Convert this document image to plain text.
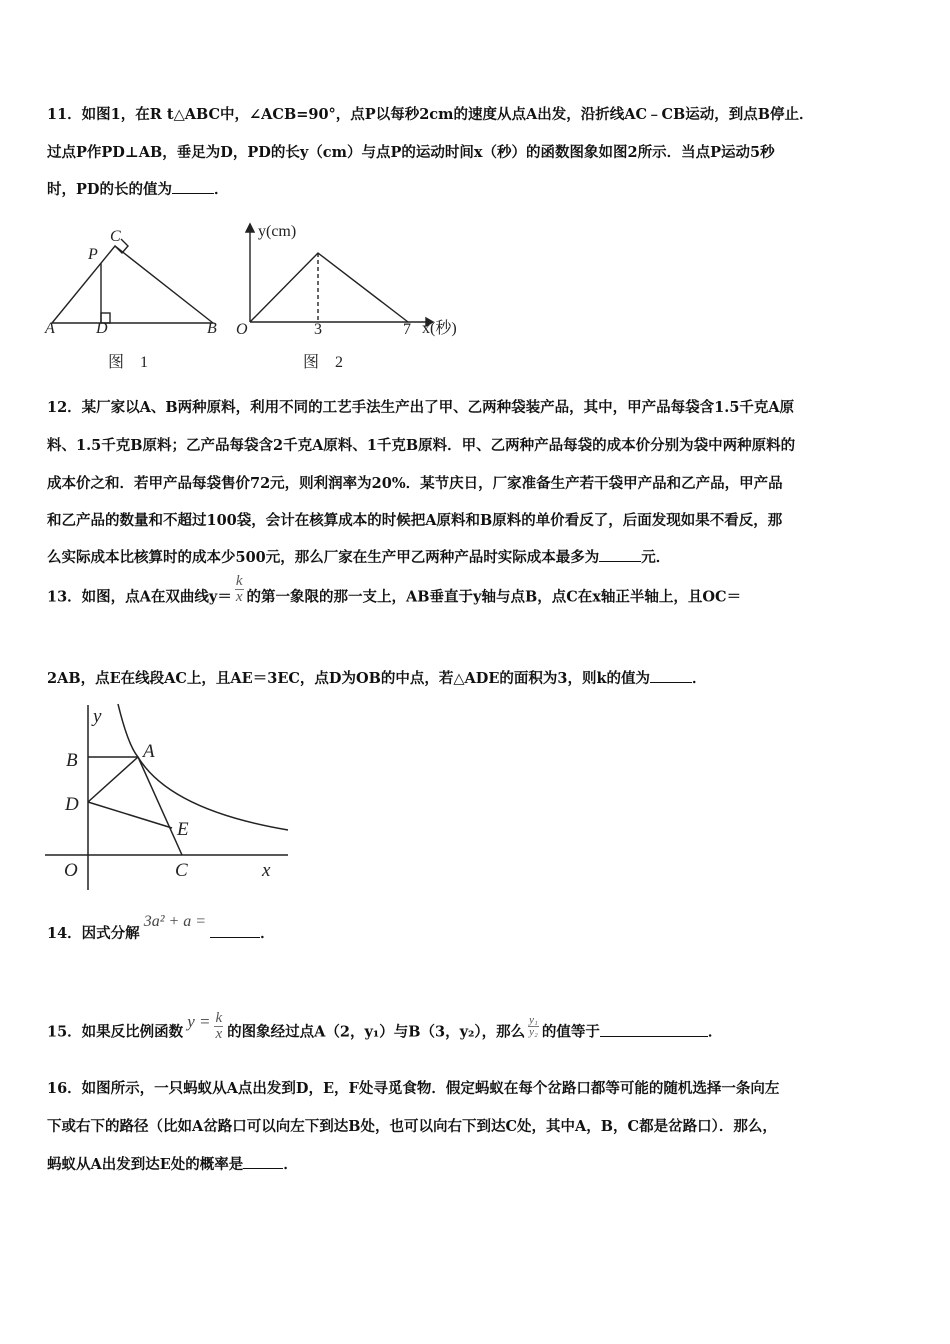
11．如图1，在R t△ABC中，∠ACB=90°，点P以每秒2cm的速度从点A出发，沿折线AC﹣CB运动，到点B停止．
过点P作PD⊥AB，垂足为D，PD的长y（cm）与点P的运动时间x（秒）的函数图象如图2所示．当点P运动5秒
时，PD的长的值为	．
A	B
C
D
P
图　1
y(cm)
x(秒)
O	3	7
图　2
y
B	A
D
E
O	C	x
12．某厂家以A、B两种原料，利用不同的工艺手法生产出了甲、乙两种袋装产品，其中，甲产品每袋含1.5千克A原
料、1.5千克B原料；乙产品每袋含2千克A原料、1千克B原料．甲、乙两种产品每袋的成本价分别为袋中两种原料的
成本价之和．若甲产品每袋售价72元，则利润率为20%．某节庆日，厂家准备生产若干袋甲产品和乙产品，甲产品
和乙产品的数量和不超过100袋，会计在核算成本的时候把A原料和B原料的单价看反了，后面发现如果不看反，那
么实际成本比核算时的成本少500元，那么厂家在生产甲乙两种产品时实际成本最多为	元．
13．如图，点A在双曲线$y= \frac{k}{x}$ 的第一象限的那一支上，AB垂直于y轴与点B，点C在x轴正半轴上，且OC＝
2AB，点E在线段AC上，且AE＝3EC，点D为OB的中点，若△ADE的面积为3，则k的值为	．
14．因式分解3a² + a =．
15．如果反比例函数$y = \frac{k}{x}$ 的图象经过点A（2，y₁）与B（3，y₂），那么 $\frac{\text{y₁}}{\text{y₂}}$ 的值等于	．
16．如图所示，一只蚂蚁从A点出发到D，E，F处寻觅食物．假定蚂蚁在每个岔路口都等可能的随机选择一条向左
下或右下的路径（比如A岔路口可以向左下到达B处，也可以向右下到达C处，其中A，B，C都是岔路口）．那么，
蚂蚁从A出发到达E处的概率是	．
